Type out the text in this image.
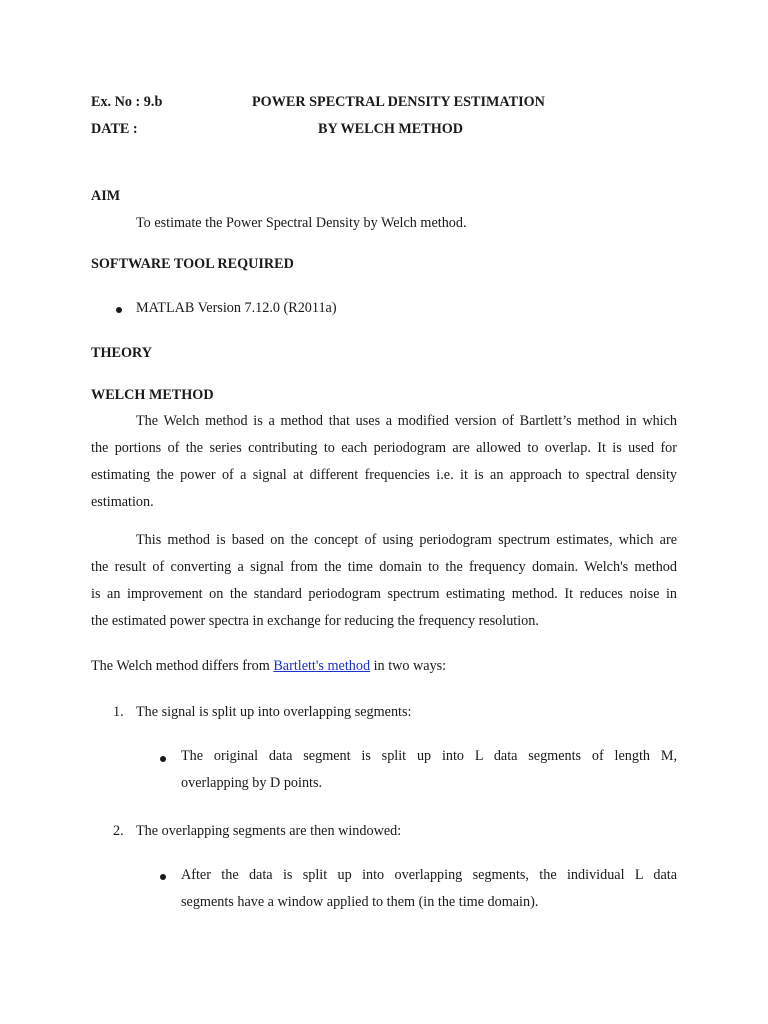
Ex. No : 9.b	POWER SPECTRAL DENSITY ESTIMATION
DATE :	BY WELCH METHOD
AIM
To estimate the Power Spectral Density by Welch method.
SOFTWARE TOOL REQUIRED
MATLAB Version 7.12.0 (R2011a)
THEORY
WELCH METHOD
The Welch method is a method that uses a modified version of Bartlett’s method in which
the portions of the series contributing to each periodogram are allowed to overlap. It is used for
estimating the power of a signal at different frequencies i.e. it is an approach to spectral density
estimation.
This method is based on the concept of using periodogram spectrum estimates, which are
the result of converting a signal from the time domain to the frequency domain. Welch's method
is an improvement on the standard periodogram spectrum estimating method. It reduces noise in
the estimated power spectra in exchange for reducing the frequency resolution.
The Welch method differs from Bartlett's method in two ways:
1. The signal is split up into overlapping segments:
The original data segment is split up into L data segments of length M,
overlapping by D points.
2. The overlapping segments are then windowed:
After the data is split up into overlapping segments, the individual L data
segments have a window applied to them (in the time domain).
